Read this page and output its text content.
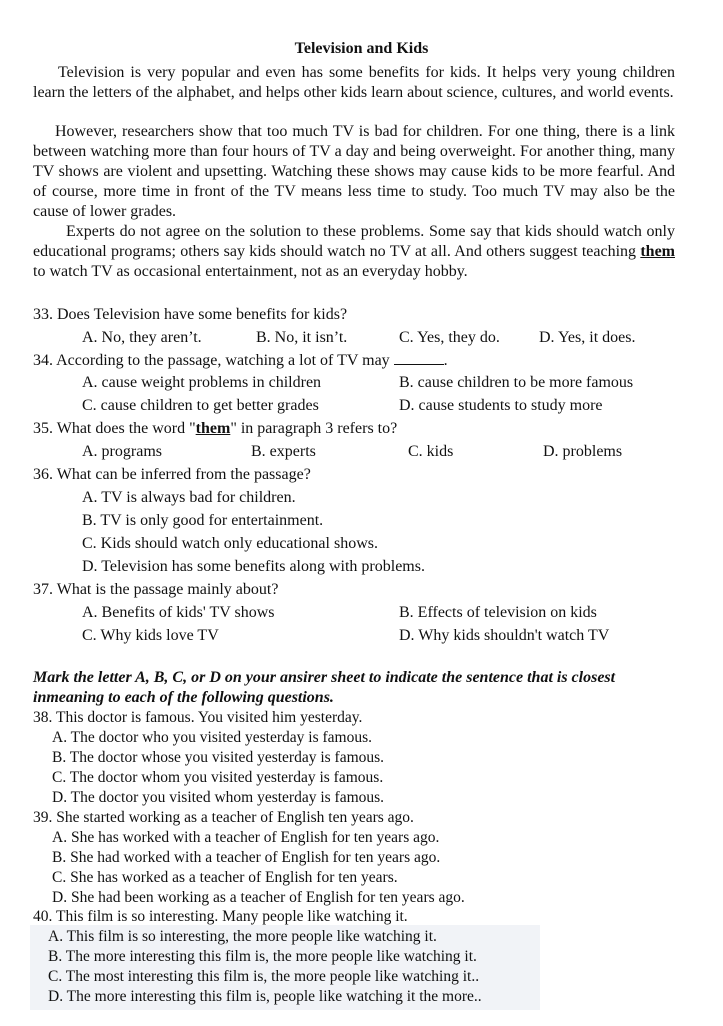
Television and Kids
Television is very popular and even has some benefits for kids. It helps very young children learn the letters of the alphabet, and helps other kids learn about science, cultures, and world events.
However, researchers show that too much TV is bad for children. For one thing, there is a link between watching more than four hours of TV a day and being overweight. For another thing, many TV shows are violent and upsetting. Watching these shows may cause kids to be more fearful. And of course, more time in front of the TV means less time to study. Too much TV may also be the cause of lower grades.
Experts do not agree on the solution to these problems. Some say that kids should watch only educational programs; others say kids should watch no TV at all. And others suggest teaching them to watch TV as occasional entertainment, not as an everyday hobby.
33. Does Television have some benefits for kids?
A. No, they aren’t.	B. No, it isn’t.	C. Yes, they do. D. Yes, it does.
34. According to the passage, watching a lot of TV may	.
A. cause weight problems in children	B. cause children to be more famous
C. cause children to get better grades	D. cause students to study more
35. What does the word "them" in paragraph 3 refers to?
A. programs	B. experts	C. kids	D. problems
36. What can be inferred from the passage?
A. TV is always bad for children.
B. TV is only good for entertainment.
C. Kids should watch only educational shows.
D. Television has some benefits along with problems.
37. What is the passage mainly about?
A. Benefits of kids' TV shows	B. Effects of television on kids
C. Why kids love TV	D. Why kids shouldn't watch TV
Mark the letter A, B, C, or D on your ansirer sheet to indicate the sentence that is closest inmeaning to each of the following questions.
38. This doctor is famous. You visited him yesterday.
A. The doctor who you visited yesterday is famous.
B. The doctor whose you visited yesterday is famous.
C. The doctor whom you visited yesterday is famous.
D. The doctor you visited whom yesterday is famous.
39. She started working as a teacher of English ten years ago.
A. She has worked with a teacher of English for ten years ago.
B. She had worked with a teacher of English for ten years ago.
C. She has worked as a teacher of English for ten years.
D. She had been working as a teacher of English for ten years ago.
40. This film is so interesting. Many people like watching it.
A. This film is so interesting, the more people like watching it.
B. The more interesting this film is, the more people like watching it.
C. The most interesting this film is, the more people like watching it..
D. The more interesting this film is, people like watching it the more..
